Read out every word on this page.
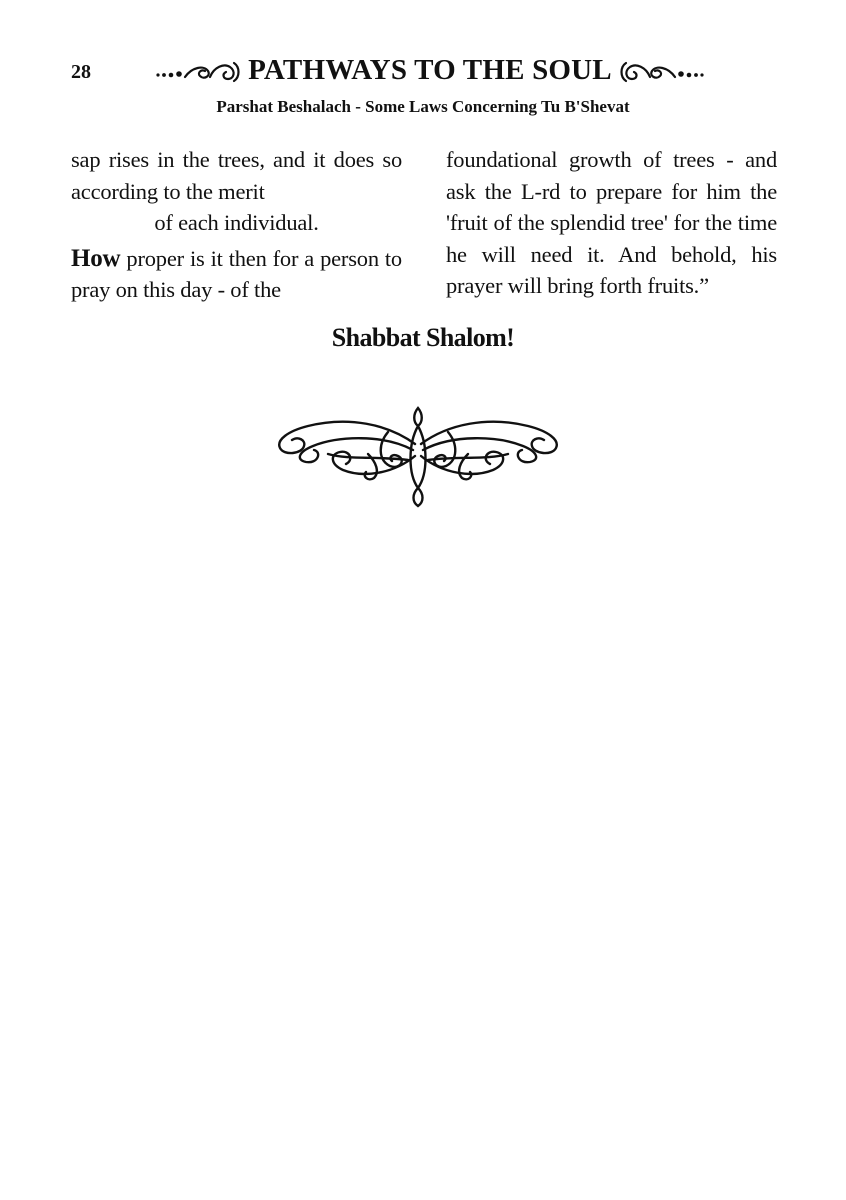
28	PATHWAYS TO THE SOUL
Parshat Beshalach - Some Laws Concerning Tu B'Shevat

sap rises in the trees, and it does so according to the merit
of each individual.

How proper is it then for a person to pray on this day - of the

foundational growth of trees - and ask the L-rd to prepare for him the 'fruit of the splendid tree' for the time he will need it. And behold, his prayer will bring forth fruits.”

Shabbat Shalom!
